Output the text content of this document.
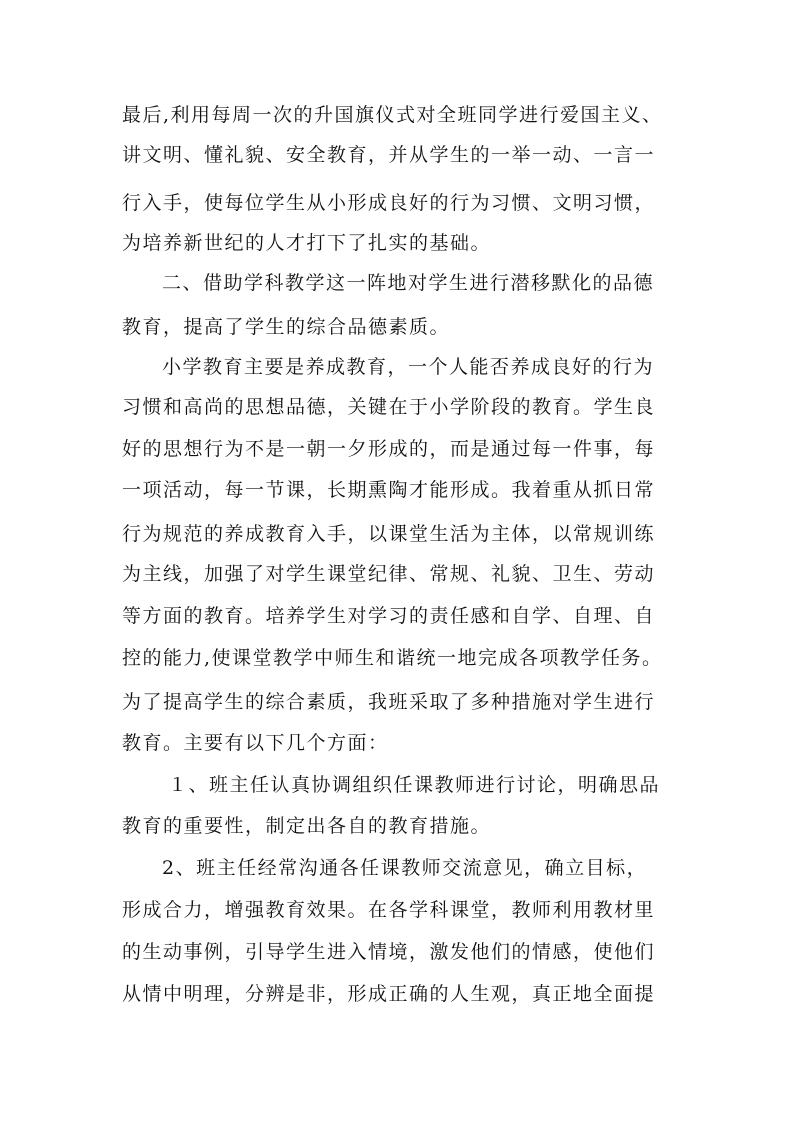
最后,利用每周一次的升国旗仪式对全班同学进行爱国主义、
讲文明、懂礼貌、安全教育，并从学生的一举一动、一言一
行入手，使每位学生从小形成良好的行为习惯、文明习惯，
为培养新世纪的人才打下了扎实的基础。
二、借助学科教学这一阵地对学生进行潜移默化的品德
教育，提高了学生的综合品德素质。
小学教育主要是养成教育，一个人能否养成良好的行为
习惯和高尚的思想品德，关键在于小学阶段的教育。学生良
好的思想行为不是一朝一夕形成的，而是通过每一件事，每
一项活动，每一节课，长期熏陶才能形成。我着重从抓日常
行为规范的养成教育入手，以课堂生活为主体，以常规训练
为主线，加强了对学生课堂纪律、常规、礼貌、卫生、劳动
等方面的教育。培养学生对学习的责任感和自学、自理、自
控的能力,使课堂教学中师生和谐统一地完成各项教学任务。
为了提高学生的综合素质，我班采取了多种措施对学生进行
教育。主要有以下几个方面：
１、班主任认真协调组织任课教师进行讨论，明确思品
教育的重要性，制定出各自的教育措施。
2、班主任经常沟通各任课教师交流意见，确立目标，
形成合力，增强教育效果。在各学科课堂，教师利用教材里
的生动事例，引导学生进入情境，激发他们的情感，使他们
从情中明理，分辨是非，形成正确的人生观，真正地全面提
